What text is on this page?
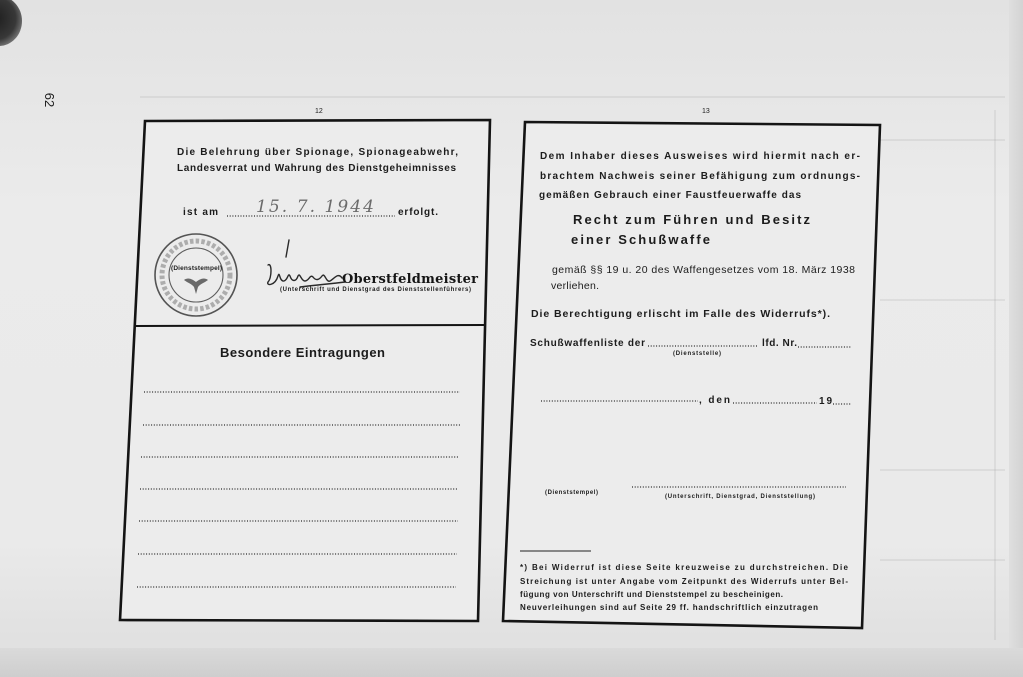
62
12
Die Belehrung über Spionage, Spionageabwehr,
Landesverrat und Wahrung des Dienstgeheimnisses
ist am 15. 7. 1944 erfolgt.
(Dienststempel)
Oberstfeldmeister
(Unterschrift und Dienstgrad des Dienststellenführers)
Besondere Eintragungen
13
Dem Inhaber dieses Ausweises wird hiermit nach er-
brachtem Nachweis seiner Befähigung zum ordnungs-
gemäßen Gebrauch einer Faustfeuerwaffe das
Recht zum Führen und Besitz
einer Schußwaffe
gemäß §§ 19 u. 20 des Waffengesetzes vom 18. März 1938
verliehen.
Die Berechtigung erlischt im Falle des Widerrufs*).
Schußwaffenliste der
(Dienststelle)
lfd. Nr.
, den	19
(Dienststempel)
(Unterschrift, Dienstgrad, Dienststellung)
*) Bei Widerruf ist diese Seite kreuzweise zu durchstreichen. Die
Streichung ist unter Angabe vom Zeitpunkt des Widerrufs unter Bel-
fügung von Unterschrift und Dienststempel zu bescheinigen.
Neuverleihungen sind auf Seite 29 ff. handschriftlich einzutragen
